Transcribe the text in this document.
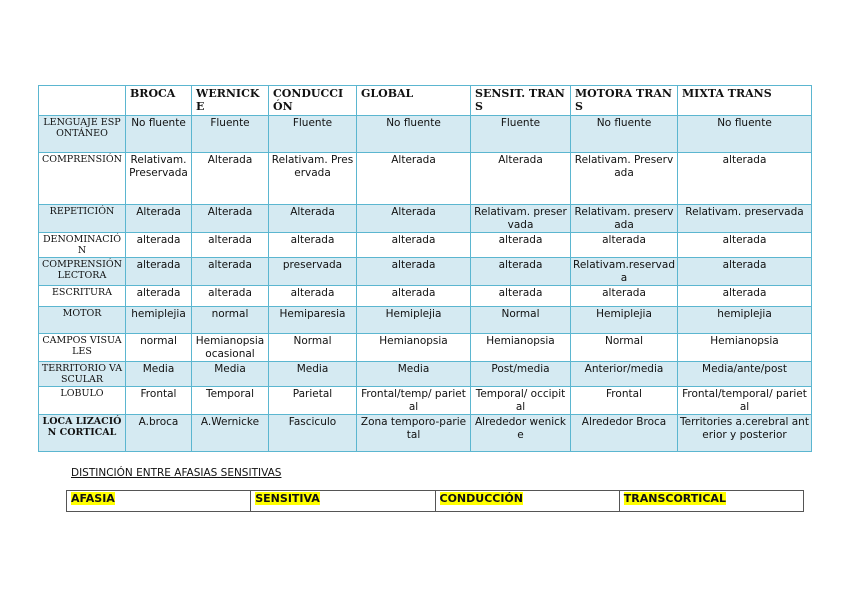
	BROCA	WERNICKE	CONDUCCIÓN	GLOBAL	SENSIT. TRANS	MOTORA TRANS	MIXTA TRANS
LENGUAJE ESPONTÁNEO	No fluente	Fluente	Fluente	No fluente	Fluente	No fluente	No fluente
COMPRENSIÓN	Relativam. Preservada	Alterada	Relativam. Preservada	Alterada	Alterada	Relativam. Preservada	alterada
REPETICIÓN	Alterada	Alterada	Alterada	Alterada	Relativam. preservada	Relativam. preservada	Relativam. preservada
DENOMINACIÓN	alterada	alterada	alterada	alterada	alterada	alterada	alterada
COMPRENSIÓN LECTORA	alterada	alterada	preservada	alterada	alterada	Relativam.reservada	alterada
ESCRITURA	alterada	alterada	alterada	alterada	alterada	alterada	alterada
MOTOR	hemiplejia	normal	Hemiparesia	Hemiplejia	Normal	Hemiplejia	hemiplejia
CAMPOS VISUALES	normal	Hemianopsia ocasional	Normal	Hemianopsia	Hemianopsia	Normal	Hemianopsia
TERRITORIO VASCULAR	Media	Media	Media	Media	Post/media	Anterior/media	Media/ante/post
LOBULO	Frontal	Temporal	Parietal	Frontal/temp/ parietal	Temporal/ occipital	Frontal	Frontal/temporal/ parietal
LOCA LIZACIÓN CORTICAL	A.broca	A.Wernicke	Fasciculo	Zona temporo-parietal	Alrededor wenicke	Alrededor Broca	Territories a.cerebral anterior y posterior
DISTINCIÓN ENTRE AFASIAS SENSITIVAS
AFASIA	SENSITIVA	CONDUCCIÓN	TRANSCORTICAL
